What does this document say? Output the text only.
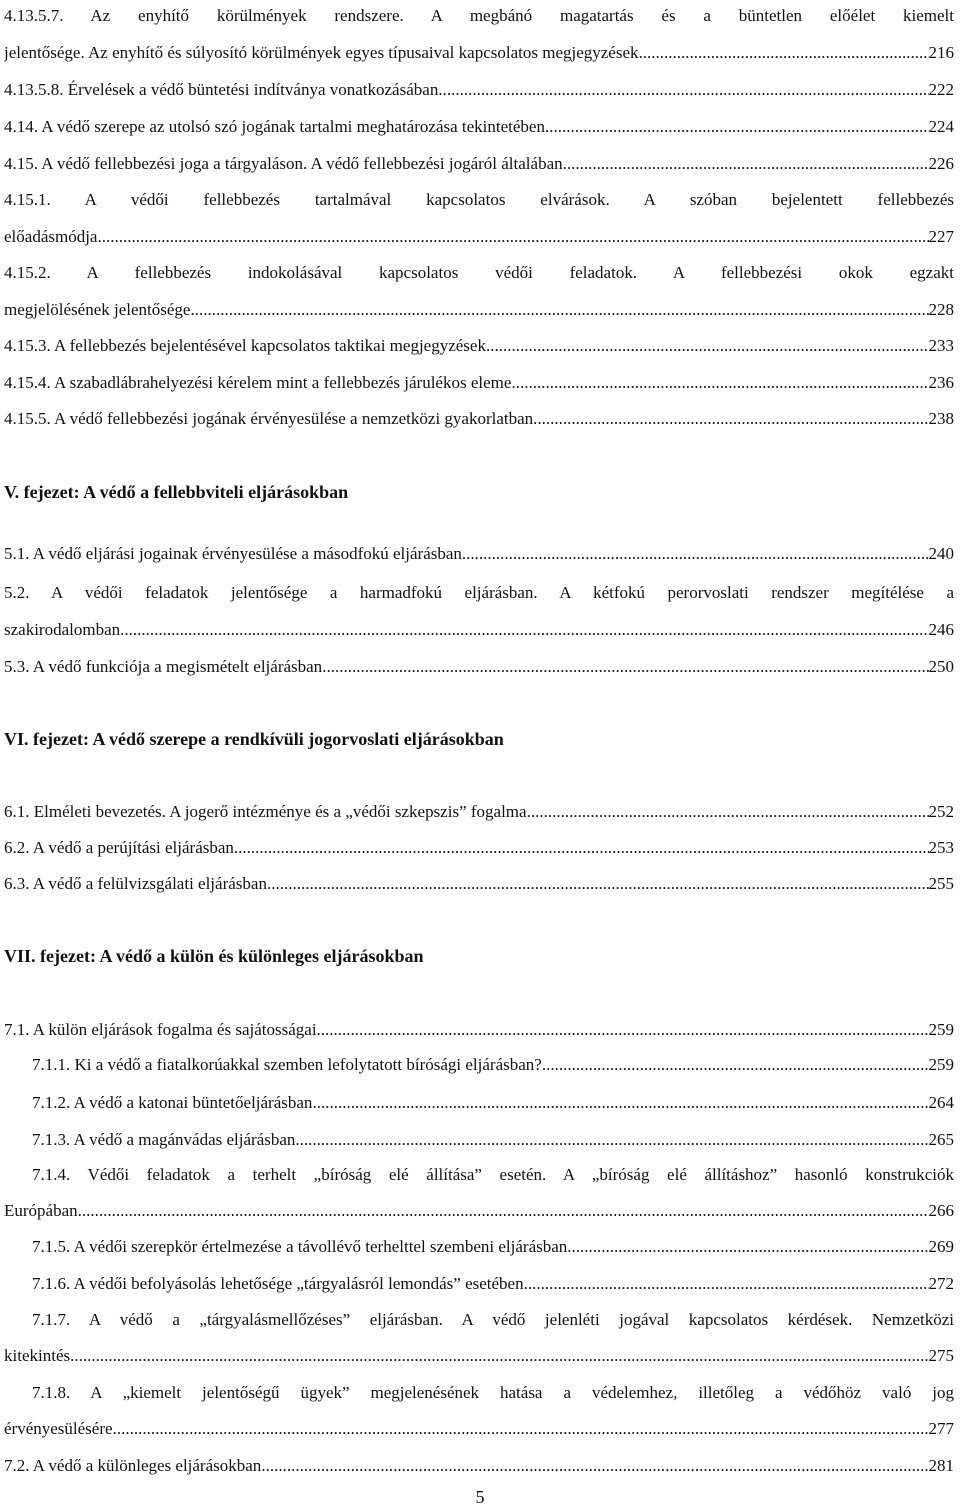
4.13.5.7. Az enyhítő körülmények rendszere. A megbánó magatartás és a büntetlen előélet kiemelt
jelentősége. Az enyhítő és súlyosító körülmények egyes típusaival kapcsolatos megjegyzések .....	216
4.13.5.8. Érvelések a védő büntetési indítványa vonatkozásában .....	222
4.14. A védő szerepe az utolsó szó jogának tartalmi meghatározása tekintetében .....	224
4.15. A védő fellebbezési joga a tárgyaláson. A védő fellebbezési jogáról általában .....	226
4.15.1. A védői fellebbezés tartalmával kapcsolatos elvárások. A szóban bejelentett fellebbezés
előadásmódja .....	227
4.15.2. A fellebbezés indokolásával kapcsolatos védői feladatok. A fellebbezési okok egzakt
megjelölésének jelentősége .....	228
4.15.3. A fellebbezés bejelentésével kapcsolatos taktikai megjegyzések .....	233
4.15.4. A szabadlábrahelyezési kérelem mint a fellebbezés járulékos eleme .....	236
4.15.5. A védő fellebbezési jogának érvényesülése a nemzetközi gyakorlatban .....	238
V. fejezet: A védő a fellebbviteli eljárásokban
5.1. A védő eljárási jogainak érvényesülése a másodfokú eljárásban .....	240
5.2. A védői feladatok jelentősége a harmadfokú eljárásban. A kétfokú perorvoslati rendszer megítélése a
szakirodalomban .....	246
5.3. A védő funkciója a megismételt eljárásban .....	250
VI. fejezet: A védő szerepe a rendkívüli jogorvoslati eljárásokban
6.1. Elméleti bevezetés. A jogerő intézménye és a „védői szkepszis” fogalma .....	252
6.2. A védő a perújítási eljárásban. .....	253
6.3. A védő a felülvizsgálati eljárásban .....	255
VII. fejezet: A védő a külön és különleges eljárásokban
7.1. A külön eljárások fogalma és sajátosságai .....	259
7.1.1. Ki a védő a fiatalkorúakkal szemben lefolytatott bírósági eljárásban? .....	259
7.1.2. A védő a katonai büntetőeljárásban .....	264
7.1.3. A védő a magánvádas eljárásban .....	265
7.1.4. Védői feladatok a terhelt „bíróság elé állítása” esetén. A „bíróság elé állításhoz” hasonló konstrukciók
Európában .....	266
7.1.5. A védői szerepkör értelmezése a távollévő terhelttel szembeni eljárásban .....	269
7.1.6. A védői befolyásolás lehetősége „tárgyalásról lemondás” esetében .....	272
7.1.7. A védő a „tárgyalásmellőzéses” eljárásban. A védő jelenléti jogával kapcsolatos kérdések. Nemzetközi
kitekintés .....	275
7.1.8. A „kiemelt jelentőségű ügyek” megjelenésének hatása a védelemhez, illetőleg a védőhöz való jog
érvényesülésére .....	277
7.2. A védő a különleges eljárásokban .....	281
5
